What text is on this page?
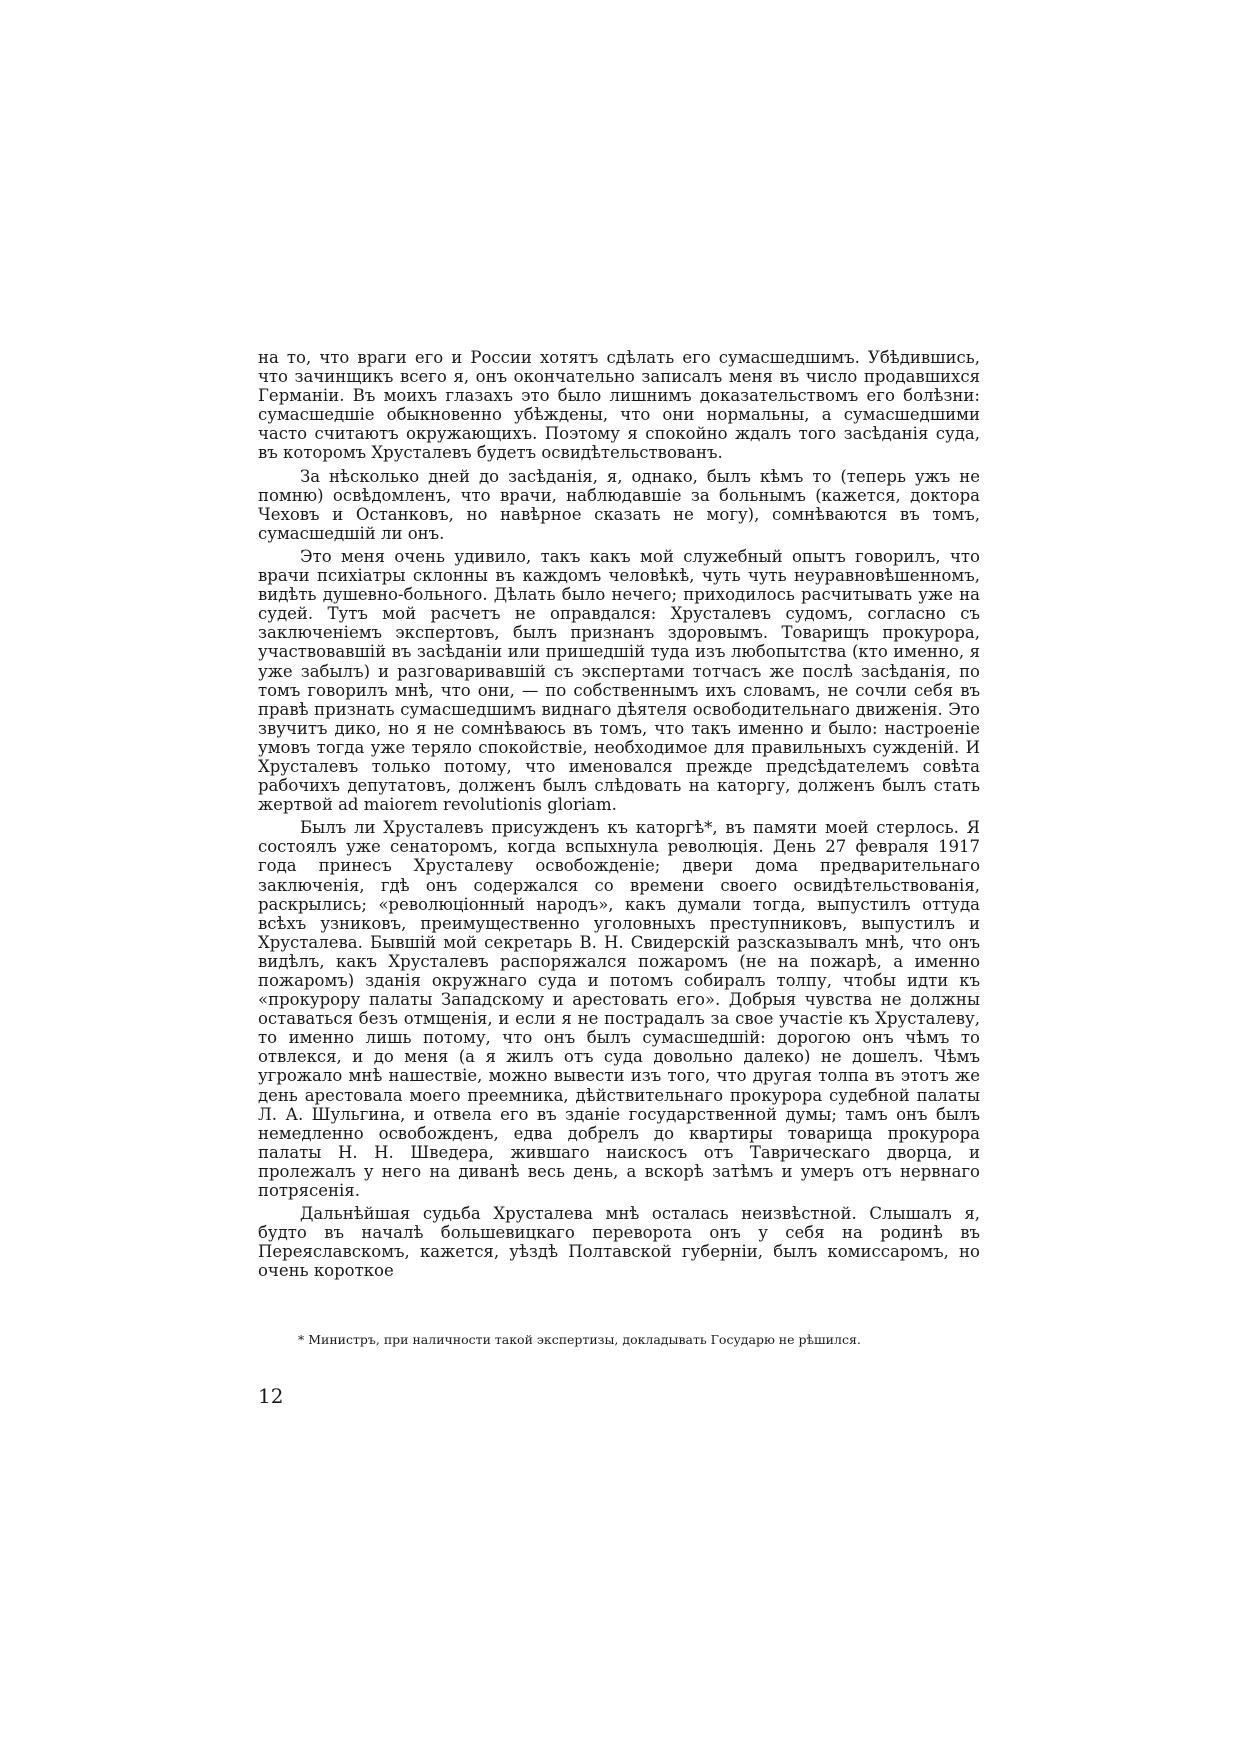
на то, что враги его и России хотятъ сдѣлать его сумасшедшимъ. Убѣдившись, что зачинщикъ всего я, онъ окончательно записалъ меня въ число продавшихся Германіи. Въ моихъ глазахъ это было лишнимъ доказательствомъ его болѣзни: сумасшедшіе обыкновенно убѣждены, что они нормальны, а сумасшедшими часто считаютъ окружающихъ. Поэтому я спокойно ждалъ того засѣданія суда, въ которомъ Хрусталевъ будетъ освидѣтельствованъ.

За нѣсколько дней до засѣданія, я, однако, былъ кѣмъ то (теперь ужъ не помню) освѣдомленъ, что врачи, наблюдавшіе за больнымъ (кажется, доктора Чеховъ и Останковъ, но навѣрное сказать не могу), сомнѣваются въ томъ, сумасшедшій ли онъ.

Это меня очень удивило, такъ какъ мой служебный опытъ говорилъ, что врачи психіатры склонны въ каждомъ человѣкѣ, чуть чуть неуравновѣшенномъ, видѣть душевно-больного. Дѣлать было нечего; приходилось расчитывать уже на судей. Тутъ мой расчетъ не оправдался: Хрусталевъ судомъ, согласно съ заключеніемъ экспертовъ, былъ признанъ здоровымъ. Товарищъ прокурора, участвовавшій въ засѣданіи или пришедшій туда изъ любопытства (кто именно, я уже забылъ) и разговаривавшій съ экспертами тотчасъ же послѣ засѣданія, по томъ говорилъ мнѣ, что они, — по собственнымъ ихъ словамъ, не сочли себя въ правѣ признать сумасшедшимъ виднаго дѣятеля освободительнаго движенія. Это звучитъ дико, но я не сомнѣваюсь въ томъ, что такъ именно и было: настроеніе умовъ тогда уже теряло спокойствіе, необходимое для правильныхъ сужденій. И Хрусталевъ только потому, что именовался прежде предсѣдателемъ совѣта рабочихъ депутатовъ, долженъ былъ слѣдовать на каторгу, долженъ былъ стать жертвой ad maiorem revolutionis gloriam.

Былъ ли Хрусталевъ присужденъ къ каторгѣ*, въ памяти моей стерлось. Я состоялъ уже сенаторомъ, когда вспыхнула революція. День 27 февраля 1917 года принесъ Хрусталеву освобожденіе; двери дома предварительнаго заключенія, гдѣ онъ содержался со времени своего освидѣтельствованія, раскрылись; «революціонный народъ», какъ думали тогда, выпустилъ оттуда всѣхъ узниковъ, преимущественно уголовныхъ преступниковъ, выпустилъ и Хрусталева. Бывшій мой секретарь В. Н. Свидерскій разсказывалъ мнѣ, что онъ видѣлъ, какъ Хрусталевъ распоряжался пожаромъ (не на пожарѣ, а именно пожаромъ) зданія окружнаго суда и потомъ собиралъ толпу, чтобы идти къ «прокурору палаты Западскому и арестовать его». Добрыя чувства не должны оставаться безъ отмщенія, и если я не пострадалъ за свое участіе къ Хрусталеву, то именно лишь потому, что онъ былъ сумасшедшій: дорогою онъ чѣмъ то отвлекся, и до меня (а я жилъ отъ суда довольно далеко) не дошелъ. Чѣмъ угрожало мнѣ нашествіе, можно вывести изъ того, что другая толпа въ этотъ же день арестовала моего преемника, дѣйствительнаго прокурора судебной палаты Л. А. Шульгина, и отвела его въ зданіе государственной думы; тамъ онъ былъ немедленно освобожденъ, едва добрелъ до квартиры товарища прокурора палаты Н. Н. Шведера, жившаго наискосъ отъ Таврическаго дворца, и пролежалъ у него на диванѣ весь день, а вскорѣ затѣмъ и умеръ отъ нервнаго потрясенія.

Дальнѣйшая судьба Хрусталева мнѣ осталась неизвѣстной. Слышалъ я, будто въ началѣ большевицкаго переворота онъ у себя на родинѣ въ Переяславскомъ, кажется, уѣздѣ Полтавской губерніи, былъ комиссаромъ, но очень короткое

* Министръ, при наличности такой экспертизы, докладывать Государю не рѣшился.

12
